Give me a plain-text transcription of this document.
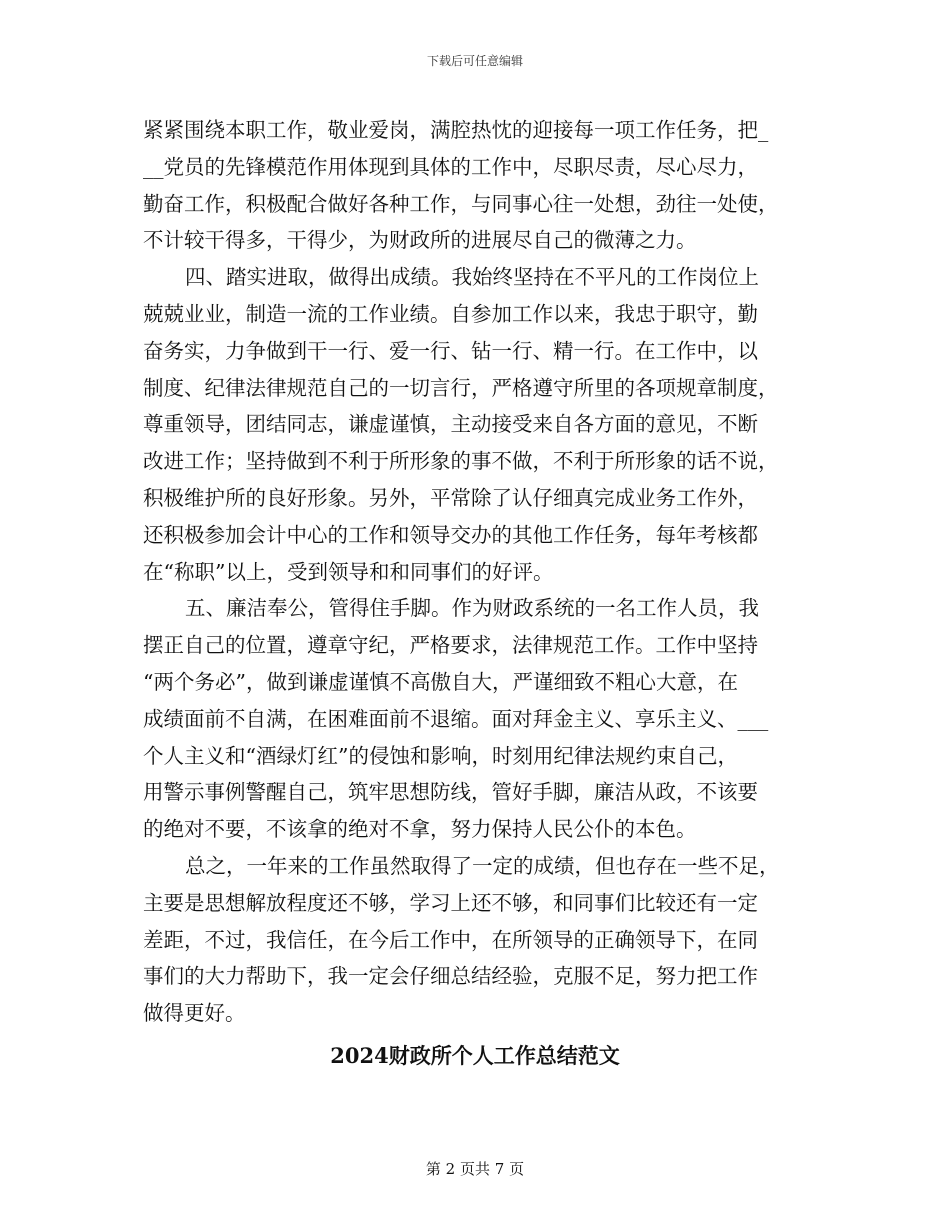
下载后可任意编辑
紧紧围绕本职工作，敬业爱岗，满腔热忱的迎接每一项工作任务，把_
__党员的先锋模范作用体现到具体的工作中，尽职尽责，尽心尽力，
勤奋工作，积极配合做好各种工作，与同事心往一处想，劲往一处使，
不计较干得多，干得少，为财政所的进展尽自己的微薄之力。
四、踏实进取，做得出成绩。我始终坚持在不平凡的工作岗位上
兢兢业业，制造一流的工作业绩。自参加工作以来，我忠于职守，勤
奋务实，力争做到干一行、爱一行、钻一行、精一行。在工作中，以
制度、纪律法律规范自己的一切言行，严格遵守所里的各项规章制度，
尊重领导，团结同志，谦虚谨慎，主动接受来自各方面的意见，不断
改进工作；坚持做到不利于所形象的事不做，不利于所形象的话不说，
积极维护所的良好形象。另外，平常除了认仔细真完成业务工作外，
还积极参加会计中心的工作和领导交办的其他工作任务，每年考核都
在“称职”以上，受到领导和和同事们的好评。
五、廉洁奉公，管得住手脚。作为财政系统的一名工作人员，我
摆正自己的位置，遵章守纪，严格要求，法律规范工作。工作中坚持
“两个务必”，做到谦虚谨慎不高傲自大，严谨细致不粗心大意，在
成绩面前不自满，在困难面前不退缩。面对拜金主义、享乐主义、___
个人主义和“酒绿灯红”的侵蚀和影响，时刻用纪律法规约束自己，
用警示事例警醒自己，筑牢思想防线，管好手脚，廉洁从政，不该要
的绝对不要，不该拿的绝对不拿，努力保持人民公仆的本色。
总之，一年来的工作虽然取得了一定的成绩，但也存在一些不足，
主要是思想解放程度还不够，学习上还不够，和同事们比较还有一定
差距，不过，我信任，在今后工作中，在所领导的正确领导下，在同
事们的大力帮助下，我一定会仔细总结经验，克服不足，努力把工作
做得更好。
2024财政所个人工作总结范文
第 2 页共 7 页
